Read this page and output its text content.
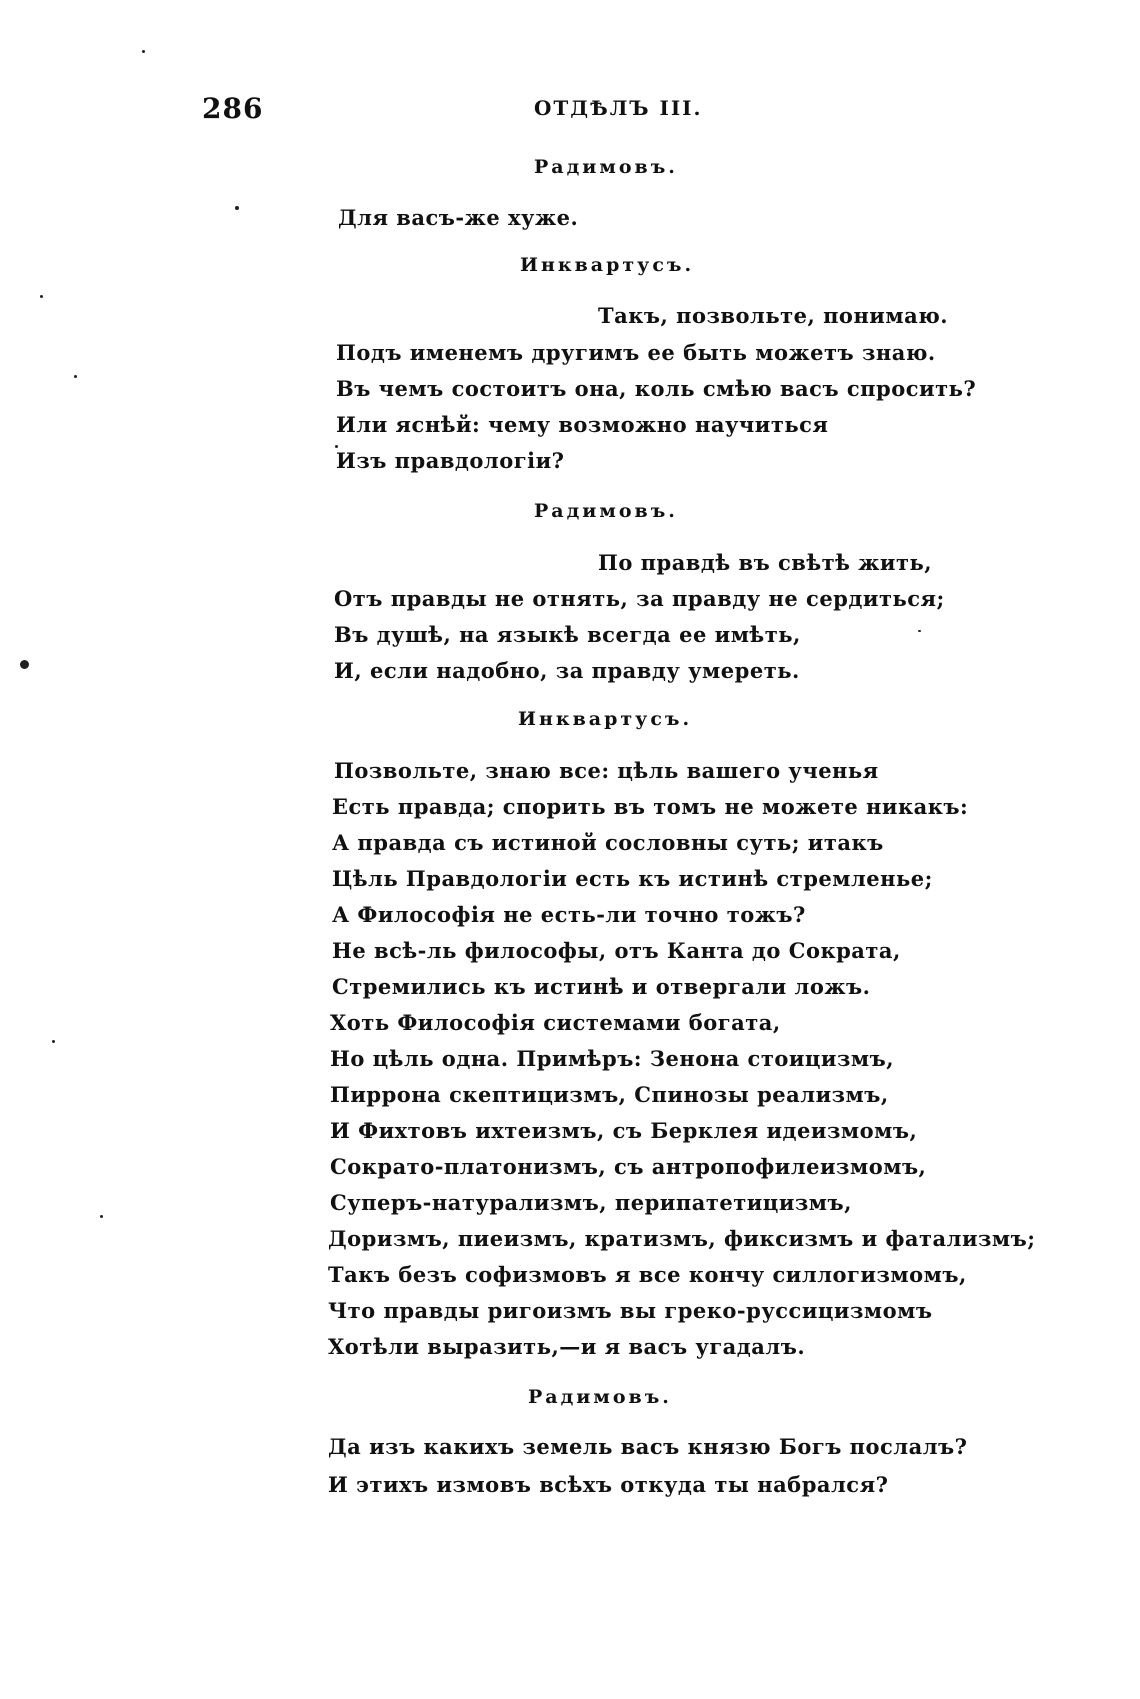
286	ОТДѢЛЪ III.
Радимовъ.
Для васъ-же хуже.
Инквартусъ.
Такъ, позвольте, понимаю.
Подъ именемъ другимъ ее быть можетъ знаю.
Въ чемъ состоитъ она, коль смѣю васъ спросить?
Или яснѣй: чему возможно научиться
Изъ правдологіи?
Радимовъ.
По правдѣ въ свѣтѣ жить,
Отъ правды не отнять, за правду не сердиться;
Въ душѣ, на языкѣ всегда ее имѣть,
И, если надобно, за правду умереть.
Инквартусъ.
Позвольте, знаю все: цѣль вашего ученья
Есть правда; спорить въ томъ не можете никакъ:
А правда съ истиной сословны суть; итакъ
Цѣль Правдологіи есть къ истинѣ стремленье;
А Философія не есть-ли точно тожъ?
Не всѣ-ль философы, отъ Канта до Сократа,
Стремились къ истинѣ и отвергали ложъ.
Хоть Философія системами богата,
Но цѣль одна. Примѣръ: Зенона стоицизмъ,
Пиррона скептицизмъ, Спинозы реализмъ,
И Фихтовъ ихтеизмъ, съ Берклея идеизмомъ,
Сократо-платонизмъ, съ антропофилеизмомъ,
Суперъ-натурализмъ, перипатетицизмъ,
Доризмъ, пиеизмъ, кратизмъ, фиксизмъ и фатализмъ;
Такъ безъ софизмовъ я все кончу силлогизмомъ,
Что правды ригоизмъ вы греко-руссицизмомъ
Хотѣли выразить,—и я васъ угадалъ.
Радимовъ.
Да изъ какихъ земель васъ князю Богъ послалъ?
И этихъ измовъ всѣхъ откуда ты набрался?
